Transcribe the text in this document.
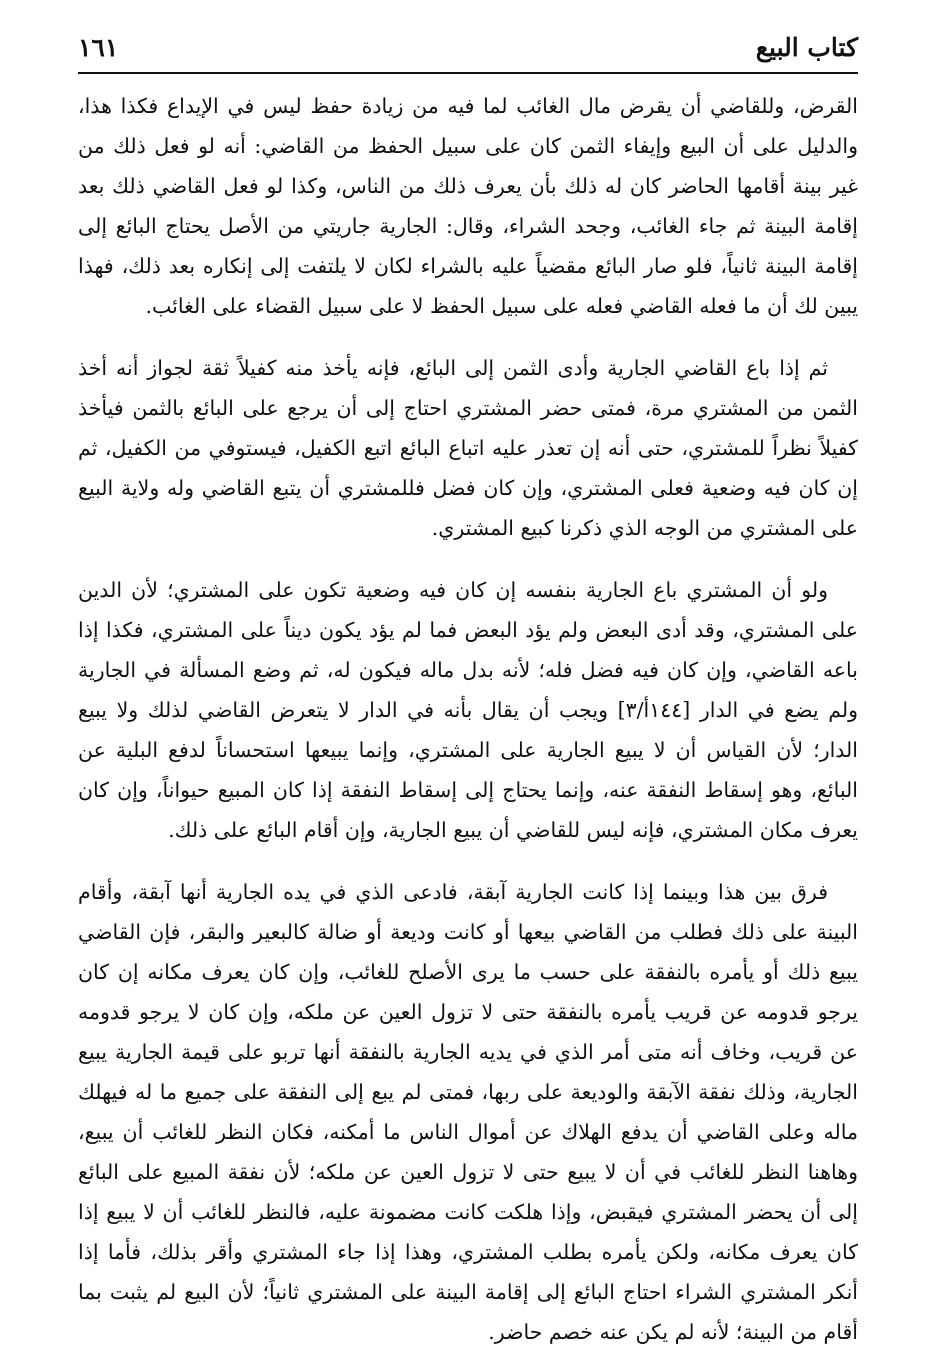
كتاب البيع
١٦١

القرض، وللقاضي أن يقرض مال الغائب لما فيه من زيادة حفظ ليس في الإيداع فكذا هذا، والدليل على أن البيع وإيفاء الثمن كان على سبيل الحفظ من القاضي: أنه لو فعل ذلك من غير بينة أقامها الحاضر كان له ذلك بأن يعرف ذلك من الناس، وكذا لو فعل القاضي ذلك بعد إقامة البينة ثم جاء الغائب، وجحد الشراء، وقال: الجارية جاريتي من الأصل يحتاج البائع إلى إقامة البينة ثانياً، فلو صار البائع مقضياً عليه بالشراء لكان لا يلتفت إلى إنكاره بعد ذلك، فهذا يبين لك أن ما فعله القاضي فعله على سبيل الحفظ لا على سبيل القضاء على الغائب.

ثم إذا باع القاضي الجارية وأدى الثمن إلى البائع، فإنه يأخذ منه كفيلاً ثقة لجواز أنه أخذ الثمن من المشتري مرة، فمتى حضر المشتري احتاج إلى أن يرجع على البائع بالثمن فيأخذ كفيلاً نظراً للمشتري، حتى أنه إن تعذر عليه اتباع البائع اتبع الكفيل، فيستوفي من الكفيل، ثم إن كان فيه وضعية فعلى المشتري، وإن كان فضل فللمشتري أن يتبع القاضي وله ولاية البيع على المشتري من الوجه الذي ذكرنا كبيع المشتري.

ولو أن المشتري باع الجارية بنفسه إن كان فيه وضعية تكون على المشتري؛ لأن الدين على المشتري، وقد أدى البعض ولم يؤد البعض فما لم يؤد يكون ديناً على المشتري، فكذا إذا باعه القاضي، وإن كان فيه فضل فله؛ لأنه بدل ماله فيكون له، ثم وضع المسألة في الجارية ولم يضع في الدار [١٤٤أ/٣] ويجب أن يقال بأنه في الدار لا يتعرض القاضي لذلك ولا يبيع الدار؛ لأن القياس أن لا يبيع الجارية على المشتري، وإنما يبيعها استحساناً لدفع البلية عن البائع، وهو إسقاط النفقة عنه، وإنما يحتاج إلى إسقاط النفقة إذا كان المبيع حيواناً، وإن كان يعرف مكان المشتري، فإنه ليس للقاضي أن يبيع الجارية، وإن أقام البائع على ذلك.

فرق بين هذا وبينما إذا كانت الجارية آبقة، فادعى الذي في يده الجارية أنها آبقة، وأقام البينة على ذلك فطلب من القاضي بيعها أو كانت وديعة أو ضالة كالبعير والبقر، فإن القاضي يبيع ذلك أو يأمره بالنفقة على حسب ما يرى الأصلح للغائب، وإن كان يعرف مكانه إن كان يرجو قدومه عن قريب يأمره بالنفقة حتى لا تزول العين عن ملكه، وإن كان لا يرجو قدومه عن قريب، وخاف أنه متى أمر الذي في يديه الجارية بالنفقة أنها تربو على قيمة الجارية يبيع الجارية، وذلك نفقة الآبقة والوديعة على ربها، فمتى لم يبع إلى النفقة على جميع ما له فيهلك ماله وعلى القاضي أن يدفع الهلاك عن أموال الناس ما أمكنه، فكان النظر للغائب أن يبيع، وهاهنا النظر للغائب في أن لا يبيع حتى لا تزول العين عن ملكه؛ لأن نفقة المبيع على البائع إلى أن يحضر المشتري فيقبض، وإذا هلكت كانت مضمونة عليه، فالنظر للغائب أن لا يبيع إذا كان يعرف مكانه، ولكن يأمره بطلب المشتري، وهذا إذا جاء المشتري وأقر بذلك، فأما إذا أنكر المشتري الشراء احتاج البائع إلى إقامة البينة على المشتري ثانياً؛ لأن البيع لم يثبت بما أقام من البينة؛ لأنه لم يكن عنه خصم حاضر.
